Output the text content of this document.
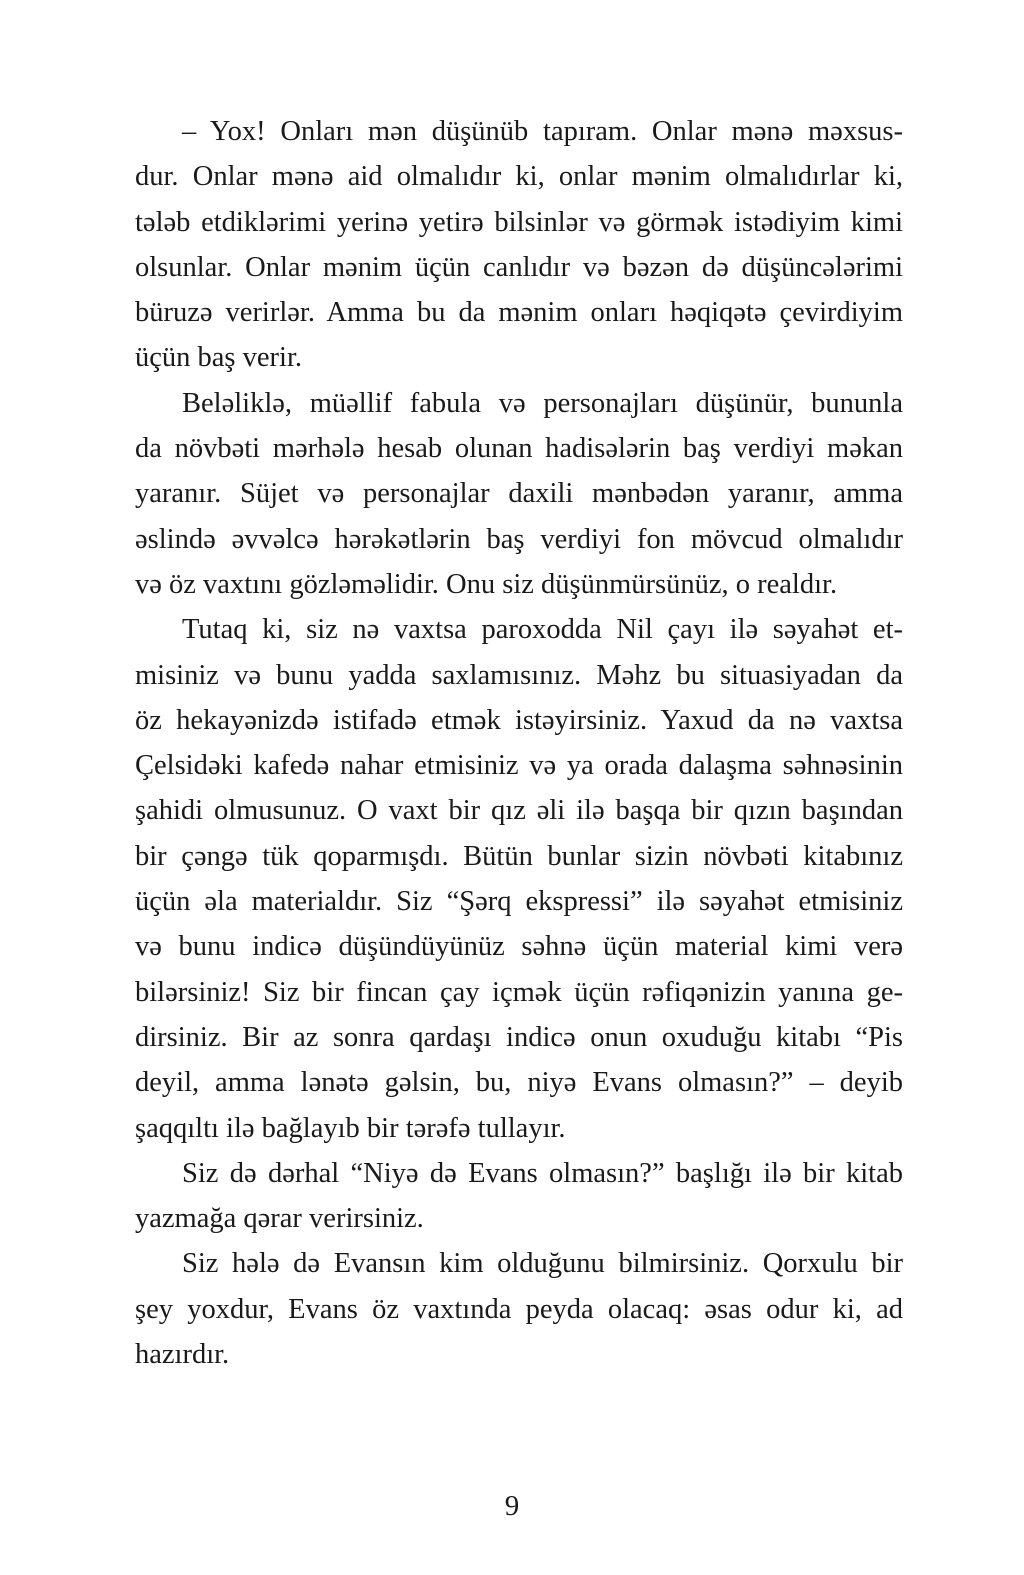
– Yox! Onları mən düşünüb tapıram. Onlar mənə məxsus-
dur. Onlar mənə aid olmalıdır ki, onlar mənim olmalıdırlar ki,
tələb etdiklərimi yerinə yetirə bilsinlər və görmək istədiyim kimi
olsunlar. Onlar mənim üçün canlıdır və bəzən də düşüncələrimi
büruzə verirlər. Amma bu da mənim onları həqiqətə çevirdiyim
üçün baş verir.
Beləliklə, müəllif fabula və personajları düşünür, bununla
da növbəti mərhələ hesab olunan hadisələrin baş verdiyi məkan
yaranır. Süjet və personajlar daxili mənbədən yaranır, amma
əslində əvvəlcə hərəkətlərin baş verdiyi fon mövcud olmalıdır
və öz vaxtını gözləməlidir. Onu siz düşünmürsünüz, o realdır.
Tutaq ki, siz nə vaxtsa paroxodda Nil çayı ilə səyahət et-
misiniz və bunu yadda saxlamısınız. Məhz bu situasiyadan da
öz hekayənizdə istifadə etmək istəyirsiniz. Yaxud da nə vaxtsa
Çelsidəki kafedə nahar etmisiniz və ya orada dalaşma səhnəsinin
şahidi olmusunuz. O vaxt bir qız əli ilə başqa bir qızın başından
bir çəngə tük qoparmışdı. Bütün bunlar sizin növbəti kitabınız
üçün əla materialdır. Siz “Şərq ekspressi” ilə səyahət etmisiniz
və bunu indicə düşündüyünüz səhnə üçün material kimi verə
bilərsiniz! Siz bir fincan çay içmək üçün rəfiqənizin yanına ge-
dirsiniz. Bir az sonra qardaşı indicə onun oxuduğu kitabı “Pis
deyil, amma lənətə gəlsin, bu, niyə Evans olmasın?” – deyib
şaqqıltı ilə bağlayıb bir tərəfə tullayır.
Siz də dərhal “Niyə də Evans olmasın?” başlığı ilə bir kitab
yazmağa qərar verirsiniz.
Siz hələ də Evansın kim olduğunu bilmirsiniz. Qorxulu bir
şey yoxdur, Evans öz vaxtında peyda olacaq: əsas odur ki, ad
hazırdır.
9
